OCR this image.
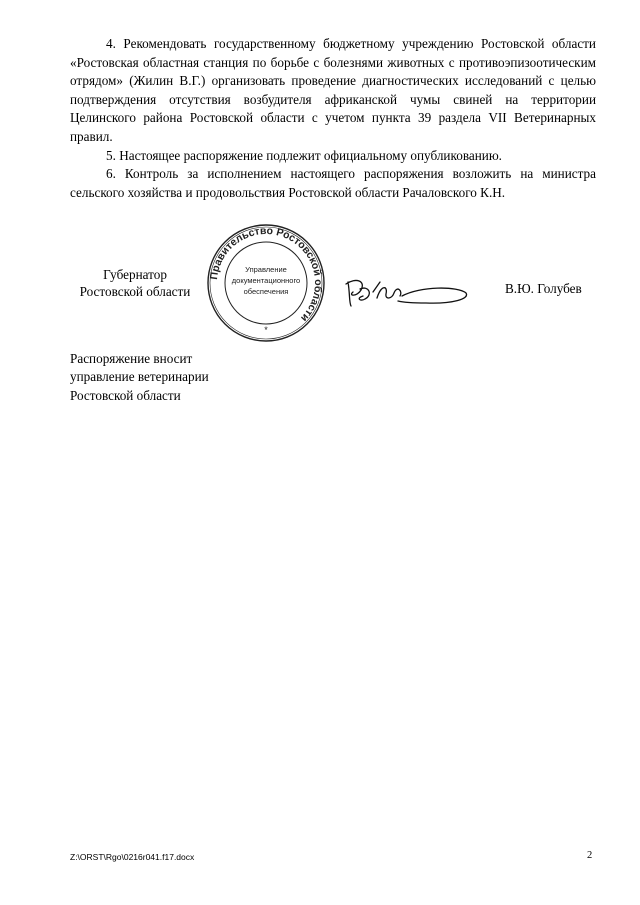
4. Рекомендовать государственному бюджетному учреждению Ростовской области «Ростовская областная станция по борьбе с болезнями животных с противоэпизоотическим отрядом» (Жилин В.Г.) организовать проведение диагностических исследований с целью подтверждения отсутствия возбудителя африканской чумы свиней на территории Целинского района Ростовской области с учетом пункта 39 раздела VII Ветеринарных правил.

5. Настоящее распоряжение подлежит официальному опубликованию.

6. Контроль за исполнением настоящего распоряжения возложить на министра сельского хозяйства и продовольствия Ростовской области Рачаловского К.Н.

Губернатор
Ростовской области
Правительство Ростовской области
Управление
документационного
обеспечения
*
В.Ю. Голубев
Распоряжение вносит
управление ветеринарии
Ростовской области
Z:\ORST\Rgo\0216r041.f17.docx	2
